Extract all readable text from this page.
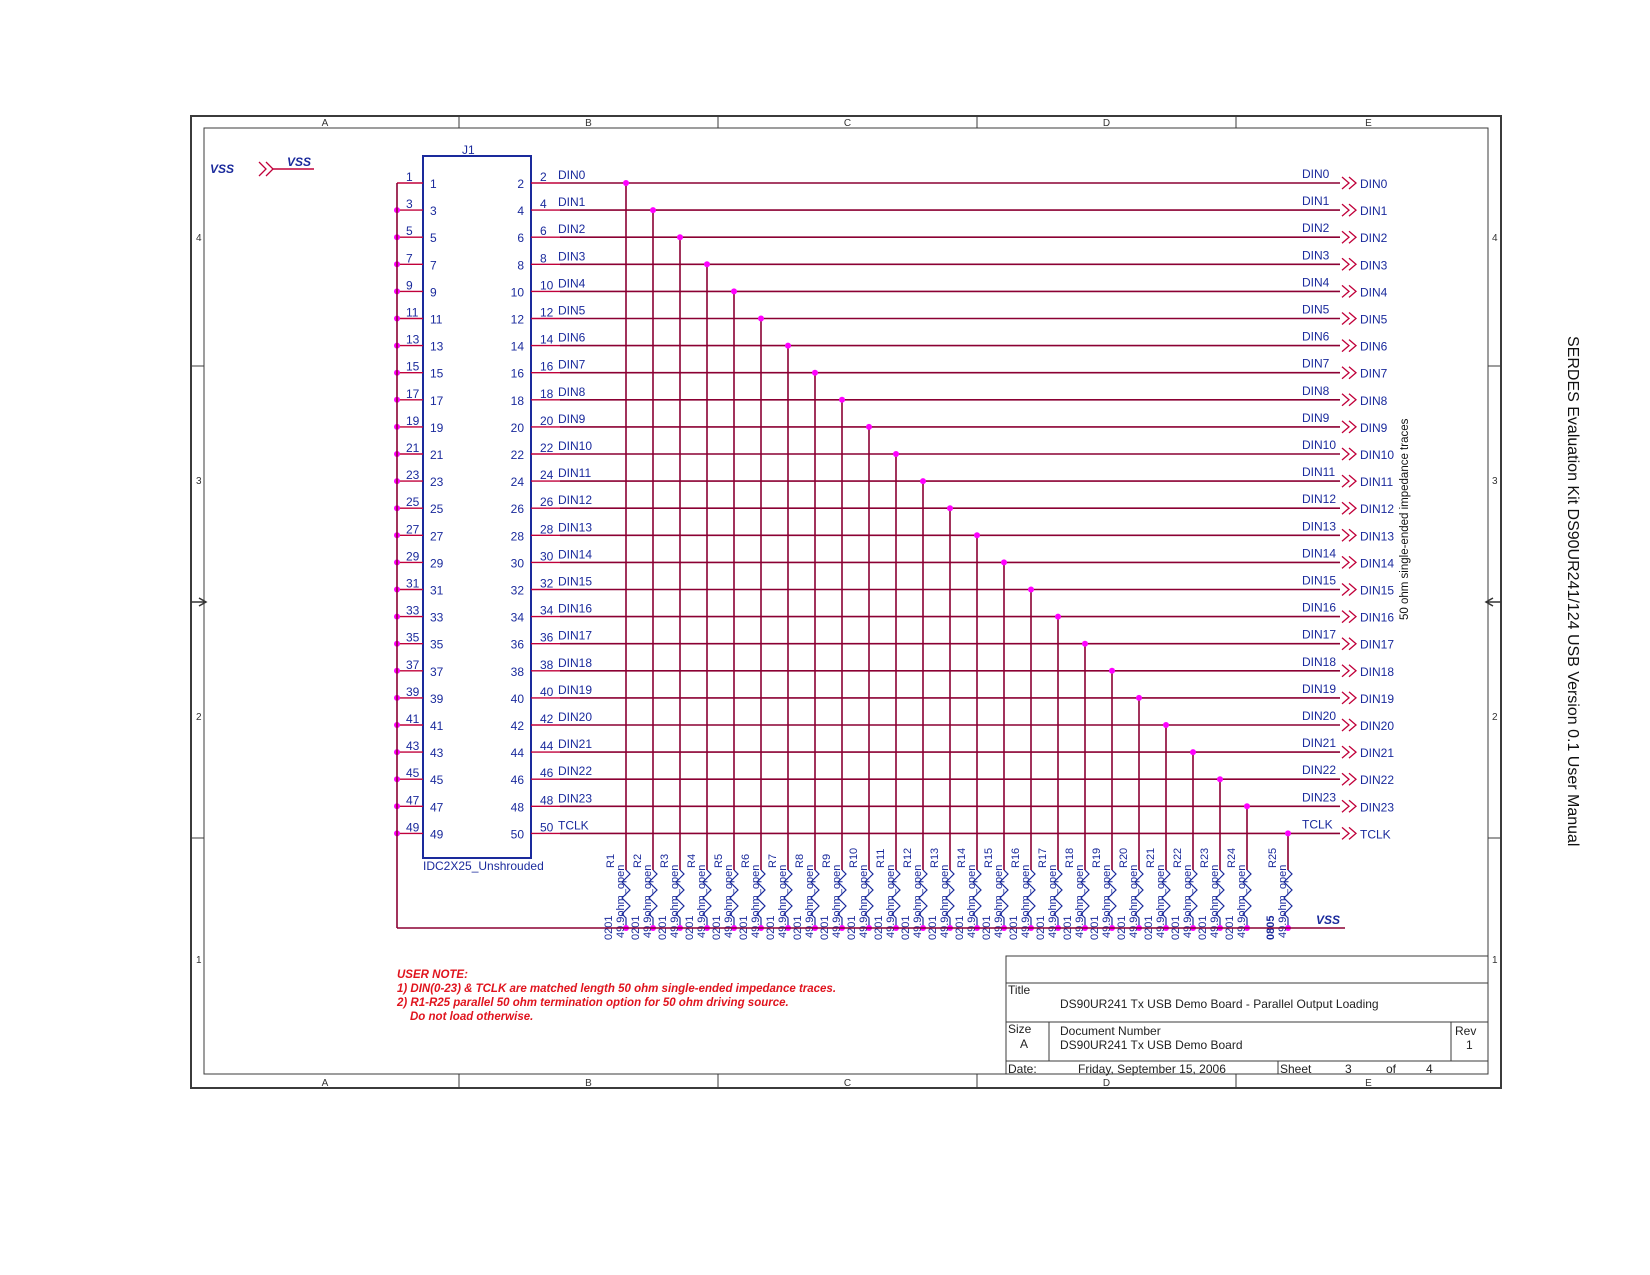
A
A
B
B
C
C
D
D
E
E
4	4
3	3
2	2
1	1
VSS	VSS
J1
IDC2X25_Unshrouded
1 1
3 3
5 5
7 7
9 9
11 11
13 13
15 15
17 17
19 19
21 21
23 23
25 25
27 27
29 29
31 31
33 33
35 35
37 37
39 39
41 41
43 43
45 45
47 47
49 49
2 2
4 4
6 6
8 8
10 10
12 12
14 14
16 16
18 18
20 20
22 22
24 24
26 26
28 28
30 30
32 32
34 34
36 36
38 38
40 40
42 42
44 44
46 46
48 48
50 50
DIN0	DIN0
DIN0
DIN1	DIN1
DIN1
DIN2	DIN2
DIN2
DIN3	DIN3
DIN3
DIN4	DIN4
DIN4
DIN5	DIN5
DIN5
DIN6	DIN6
DIN6
DIN7	DIN7
DIN7
DIN8	DIN8
DIN8
DIN9	DIN9
DIN9
DIN10	DIN10
DIN10
DIN11	DIN11
DIN11
DIN12	DIN12
DIN12
DIN13	DIN13
DIN13
DIN14	DIN14
DIN14
DIN15	DIN15
DIN15
DIN16	DIN16
DIN16
DIN17	DIN17
DIN17
DIN18	DIN18
DIN18
DIN19	DIN19
DIN19
DIN20	DIN20
DIN20
DIN21	DIN21
DIN21
DIN22	DIN22
DIN22
DIN23	DIN23
DIN23
TCLK	TCLK
TCLK
R1
49.9ohm_open
0201
R2
49.9ohm_open
0201
R3
49.9ohm_open
0201
R4
49.9ohm_open
0201
R5
49.9ohm_open
0201
R6
49.9ohm_open
0201
R7
49.9ohm_open
0201
R8
49.9ohm_open
0201
R9
49.9ohm_open
0201
R10
49.9ohm_open
0201
R11
49.9ohm_open
0201
R12
49.9ohm_open
0201
R13
49.9ohm_open
0201
R14
49.9ohm_open
0201
R15
49.9ohm_open
0201
R16
49.9ohm_open
0201
R17
49.9ohm_open
0201
R18
49.9ohm_open
0201
R19
49.9ohm_open
0201
R20
49.9ohm_open
0201
R21
49.9ohm_open
0201
R22
49.9ohm_open
0201
R23
49.9ohm_open
0201
R24
49.9ohm_open
0201
R25
49.9ohm_open
0805	VSS
50 ohm single-ended impedance traces
USER NOTE:
1) DIN(0-23) & TCLK are matched length 50 ohm single-ended impedance traces.
2) R1-R25 parallel 50 ohm termination option for 50 ohm driving source.
Do not load otherwise.
Title
DS90UR241 Tx USB Demo Board - Parallel Output Loading
Size
A
Document Number
DS90UR241 Tx USB Demo Board
Rev
1
Date:	Friday, September 15, 2006	Sheet	3	of 4
SERDES Evaluation Kit DS90UR241/124 USB Version 0.1 User Manual
